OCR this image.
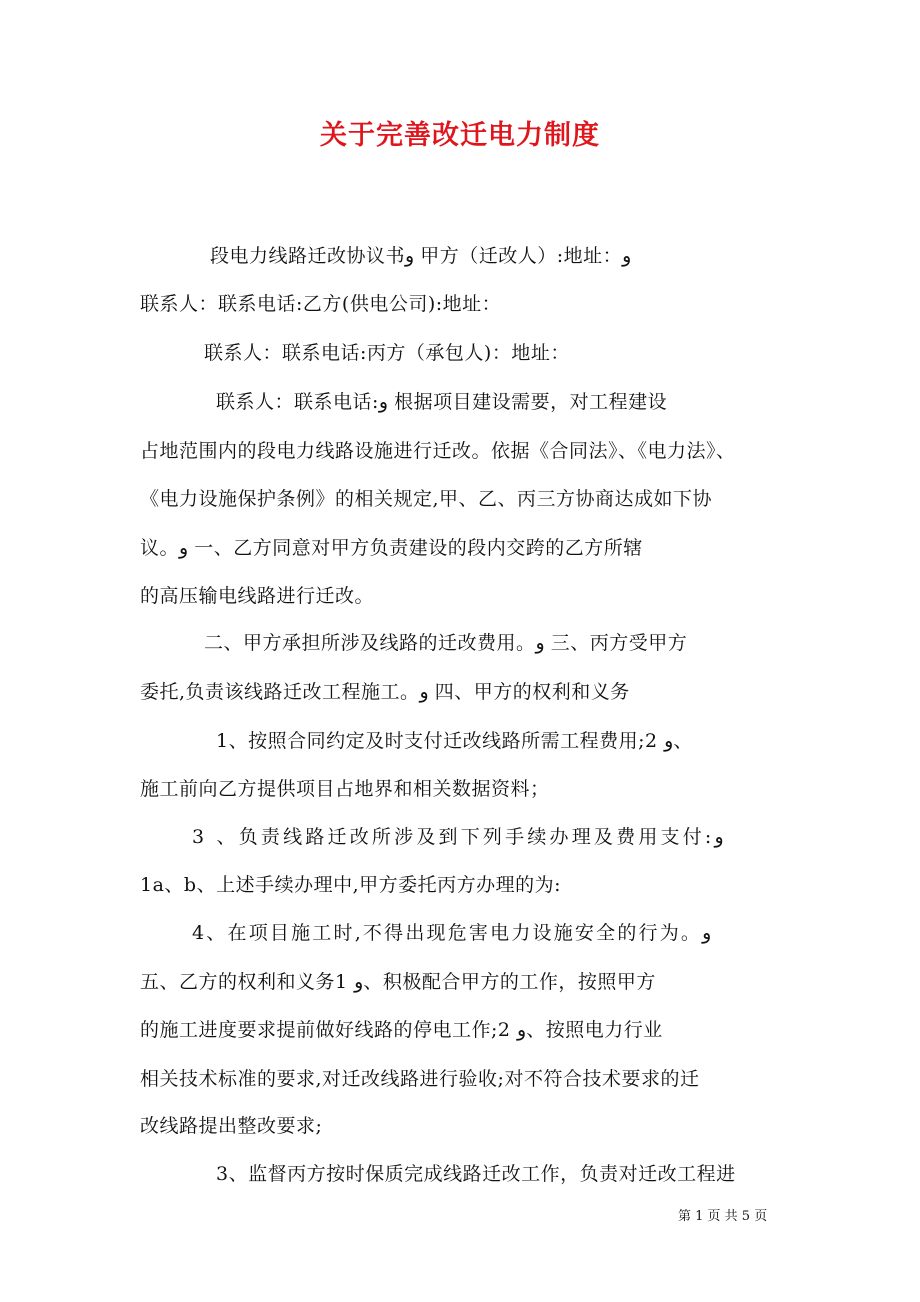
关于完善改迁电力制度
段电力线路迁改协议书و 甲方（迁改人）:地址：و
联系人：联系电话:乙方(供电公司):地址：
联系人：联系电话:丙方（承包人)：地址：
联系人：联系电话:و 根据项目建设需要，对工程建设
占地范围内的段电力线路设施进行迁改。依据《合同法》、《电力法》、
《电力设施保护条例》的相关规定,甲、乙、丙三方协商达成如下协
议。و 一、乙方同意对甲方负责建设的段内交跨的乙方所辖
的高压输电线路进行迁改。
二、甲方承担所涉及线路的迁改费用。و 三、丙方受甲方
委托,负责该线路迁改工程施工。و 四、甲方的权利和义务
1、按照合同约定及时支付迁改线路所需工程费用;2 و、
施工前向乙方提供项目占地界和相关数据资料；
3 、负责线路迁改所涉及到下列手续办理及费用支付:و
1a、b、上述手续办理中,甲方委托丙方办理的为:
4、在项目施工时,不得出现危害电力设施安全的行为。و
五、乙方的权利和义务1 و、积极配合甲方的工作，按照甲方
的施工进度要求提前做好线路的停电工作;2 و、按照电力行业
相关技术标准的要求,对迁改线路进行验收;对不符合技术要求的迁
改线路提出整改要求;
3、监督丙方按时保质完成线路迁改工作，负责对迁改工程进
第 1 页 共 5 页
